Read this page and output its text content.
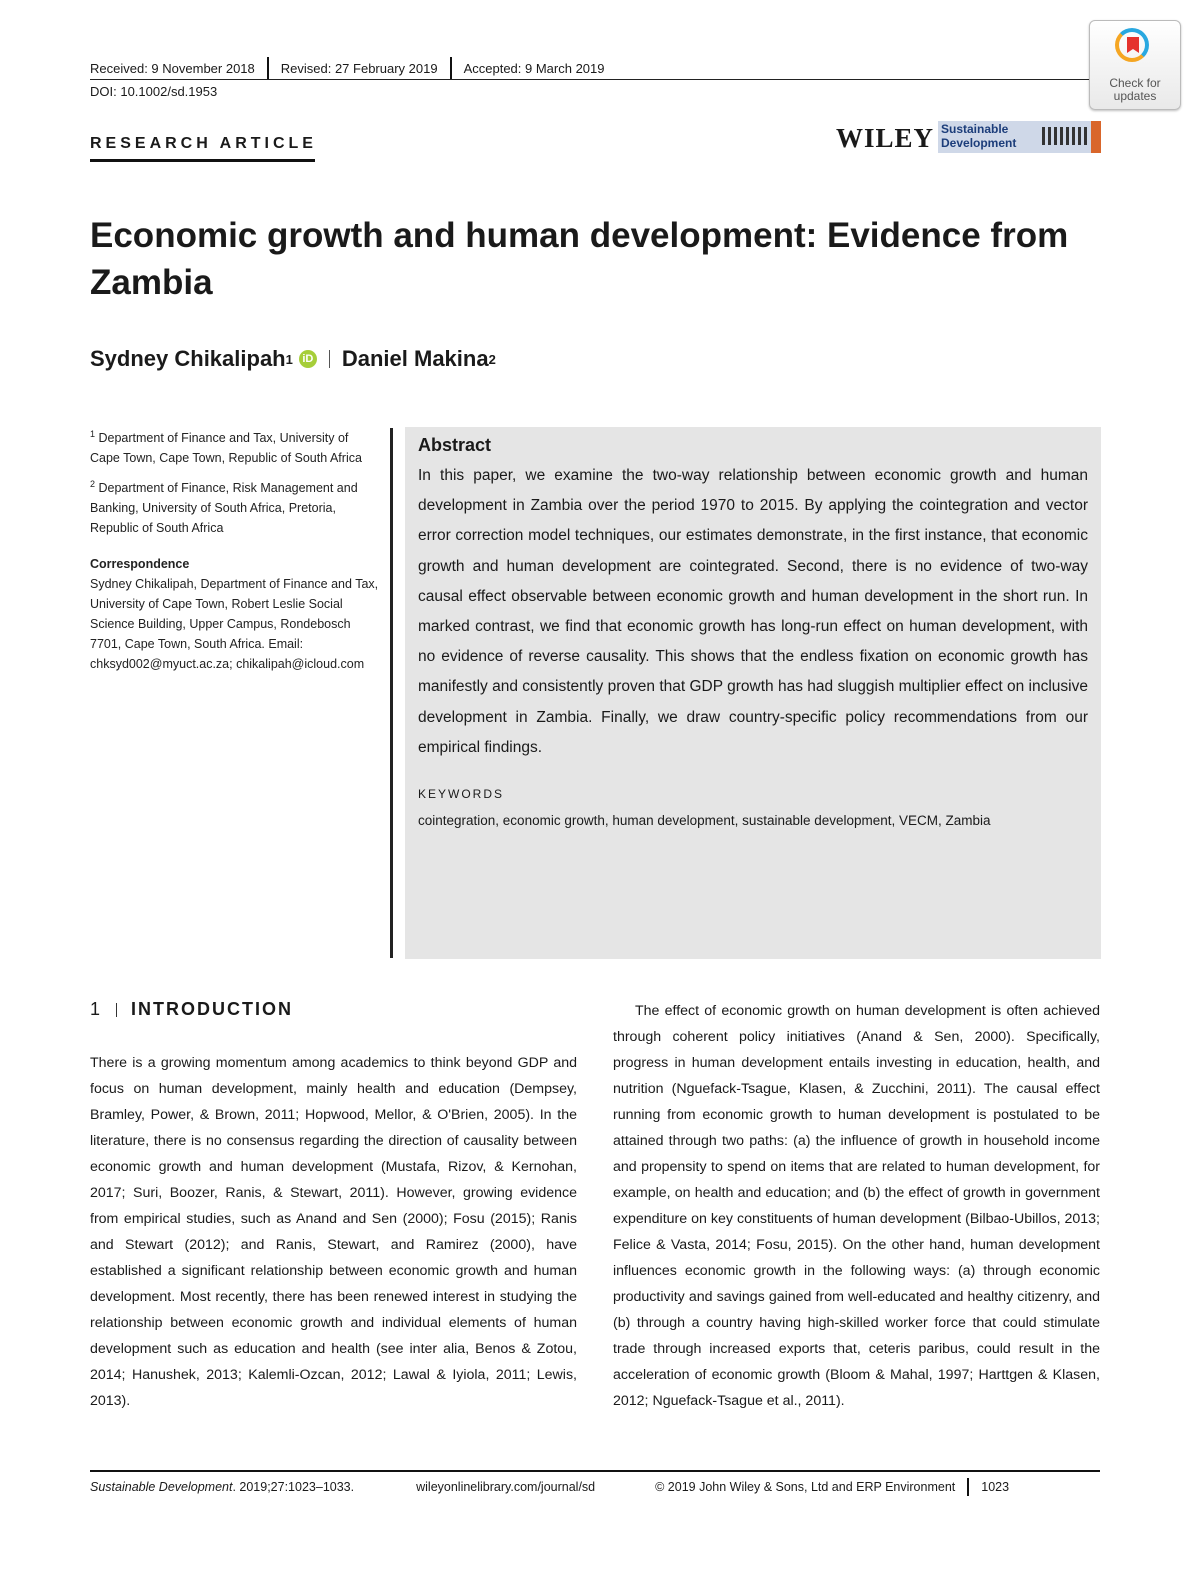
Received: 9 November 2018 Revised: 27 February 2019 Accepted: 9 March 2019
DOI: 10.1002/sd.1953
Check for updates
RESEARCH ARTICLE	WILEY Sustainable Development
Economic growth and human development: Evidence from Zambia
Sydney Chikalipah 1 iD Daniel Makina 2
$^1$ Department of Finance and Tax, University of Cape Town, Cape Town, Republic of South Africa
$^2$ Department of Finance, Risk Management and Banking, University of South Africa, Pretoria, Republic of South Africa
Correspondence
Sydney Chikalipah, Department of Finance and Tax, University of Cape Town, Robert Leslie Social Science Building, Upper Campus, Rondebosch 7701, Cape Town, South Africa. Email: chksyd002@myuct.ac.za; chikalipah@icloud.com
Abstract
In this paper, we examine the two-way relationship between economic growth and human development in Zambia over the period 1970 to 2015. By applying the cointegration and vector error correction model techniques, our estimates demonstrate, in the first instance, that economic growth and human development are cointegrated. Second, there is no evidence of two-way causal effect observable between economic growth and human development in the short run. In marked contrast, we find that economic growth has long-run effect on human development, with no evidence of reverse causality. This shows that the endless fixation on economic growth has manifestly and consistently proven that GDP growth has had sluggish multiplier effect on inclusive development in Zambia. Finally, we draw country-specific policy recommendations from our empirical findings.
KEYWORDS
cointegration, economic growth, human development, sustainable development, VECM, Zambia
1 INTRODUCTION

There is a growing momentum among academics to think beyond GDP and focus on human development, mainly health and education (Dempsey, Bramley, Power, & Brown, 2011; Hopwood, Mellor, & O'Brien, 2005). In the literature, there is no consensus regarding the direction of causality between economic growth and human development (Mustafa, Rizov, & Kernohan, 2017; Suri, Boozer, Ranis, & Stewart, 2011). However, growing evidence from empirical studies, such as Anand and Sen (2000); Fosu (2015); Ranis and Stewart (2012); and Ranis, Stewart, and Ramirez (2000), have established a significant relationship between economic growth and human development. Most recently, there has been renewed interest in studying the relationship between economic growth and individual elements of human development such as education and health (see inter alia, Benos & Zotou, 2014; Hanushek, 2013; Kalemli-Ozcan, 2012; Lawal & Iyiola, 2011; Lewis, 2013).

The effect of economic growth on human development is often achieved through coherent policy initiatives (Anand & Sen, 2000). Specifically, progress in human development entails investing in education, health, and nutrition (Nguefack-Tsague, Klasen, & Zucchini, 2011). The causal effect running from economic growth to human development is postulated to be attained through two paths: (a) the influence of growth in household income and propensity to spend on items that are related to human development, for example, on health and education; and (b) the effect of growth in government expenditure on key constituents of human development (Bilbao-Ubillos, 2013; Felice & Vasta, 2014; Fosu, 2015). On the other hand, human development influences economic growth in the following ways: (a) through economic productivity and savings gained from well-educated and healthy citizenry, and (b) through a country having high-skilled worker force that could stimulate trade through increased exports that, ceteris paribus, could result in the acceleration of economic growth (Bloom & Mahal, 1997; Harttgen & Klasen, 2012; Nguefack-Tsague et al., 2011).

Sustainable Development. 2019;27:1023–1033.	wileyonlinelibrary.com/journal/sd	© 2019 John Wiley & Sons, Ltd and ERP Environment 1023
